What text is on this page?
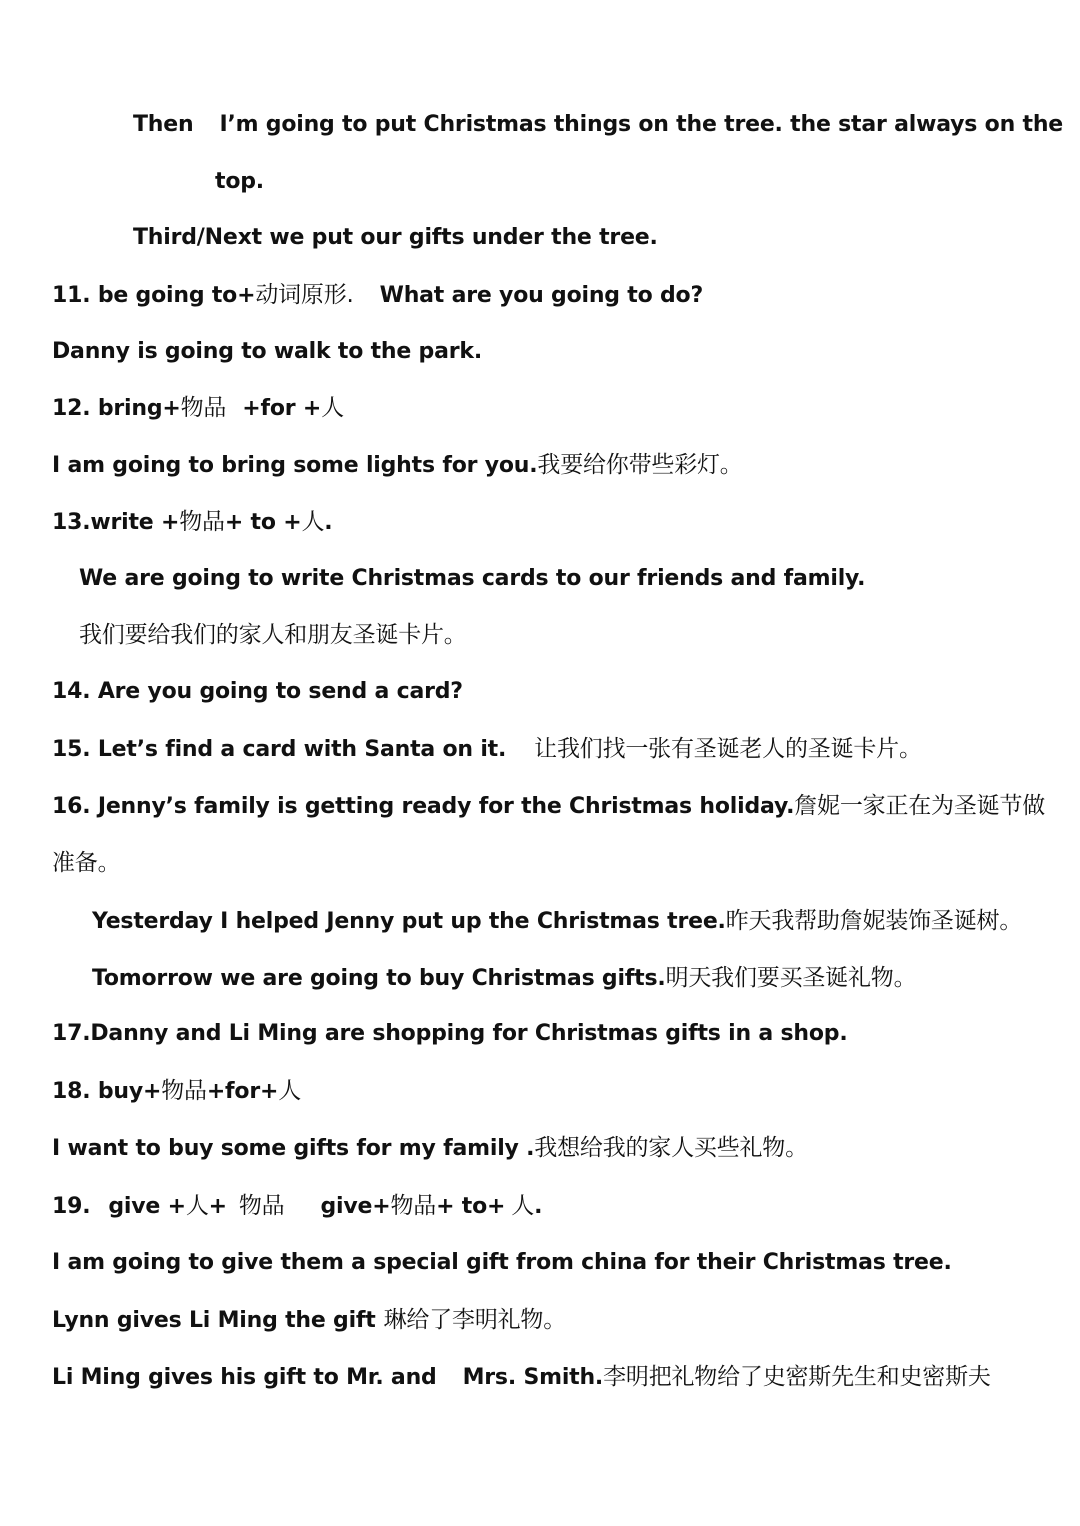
Then I’m going to put Christmas things on the tree. the star always on the
top.
Third/Next we put our gifts under the tree.
11. be going to+动词原形. What are you going to do?
Danny is going to walk to the park.
12. bring+物品 +for +人
I am going to bring some lights for you.我要给你带些彩灯。
13.write +物品+ to +人.
We are going to write Christmas cards to our friends and family.
我们要给我们的家人和朋友圣诞卡片。
14. Are you going to send a card?
15. Let’s find a card with Santa on it. 让我们找一张有圣诞老人的圣诞卡片。
16. Jenny’s family is getting ready for the Christmas holiday.詹妮一家正在为圣诞节做
准备。
Yesterday I helped Jenny put up the Christmas tree.昨天我帮助詹妮装饰圣诞树。
Tomorrow we are going to buy Christmas gifts.明天我们要买圣诞礼物。
17.Danny and Li Ming are shopping for Christmas gifts in a shop.
18. buy+物品+for+人
I want to buy some gifts for my family .我想给我的家人买些礼物。
19. give +人+ 物品 give+物品+ to+ 人.
I am going to give them a special gift from china for their Christmas tree.
Lynn gives Li Ming the gift 琳给了李明礼物。
Li Ming gives his gift to Mr. and Mrs. Smith.李明把礼物给了史密斯先生和史密斯夫
